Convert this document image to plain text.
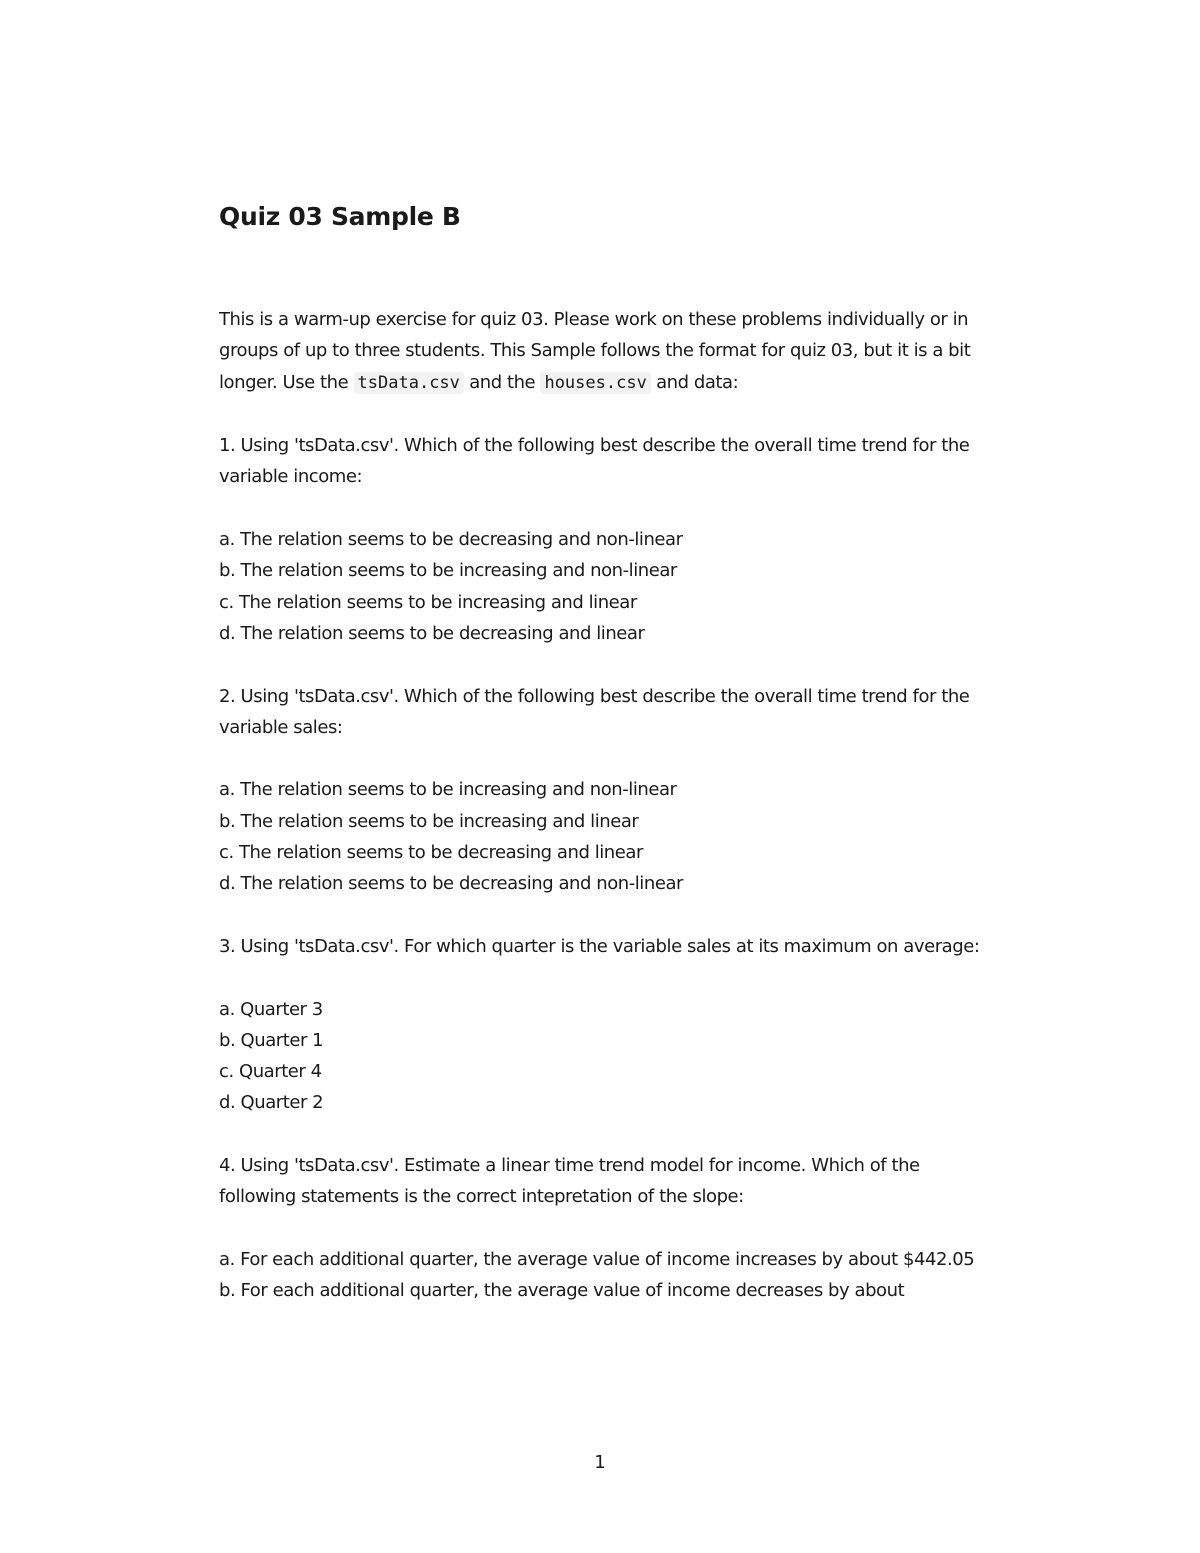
Quiz 03 Sample B

This is a warm-up exercise for quiz 03. Please work on these problems individually or in groups of up to three students. This Sample follows the format for quiz 03, but it is a bit longer. Use the tsData.csv and the houses.csv and data:

1. Using 'tsData.csv'. Which of the following best describe the overall time trend for the variable income:

a. The relation seems to be decreasing and non-linear

b. The relation seems to be increasing and non-linear

c. The relation seems to be increasing and linear

d. The relation seems to be decreasing and linear

2. Using 'tsData.csv'. Which of the following best describe the overall time trend for the variable sales:

a. The relation seems to be increasing and non-linear

b. The relation seems to be increasing and linear

c. The relation seems to be decreasing and linear

d. The relation seems to be decreasing and non-linear

3. Using 'tsData.csv'. For which quarter is the variable sales at its maximum on average:

a. Quarter 3

b. Quarter 1

c. Quarter 4

d. Quarter 2

4. Using 'tsData.csv'. Estimate a linear time trend model for income. Which of the following statements is the correct intepretation of the slope:

a. For each additional quarter, the average value of income increases by about $442.05

b. For each additional quarter, the average value of income decreases by about

1
